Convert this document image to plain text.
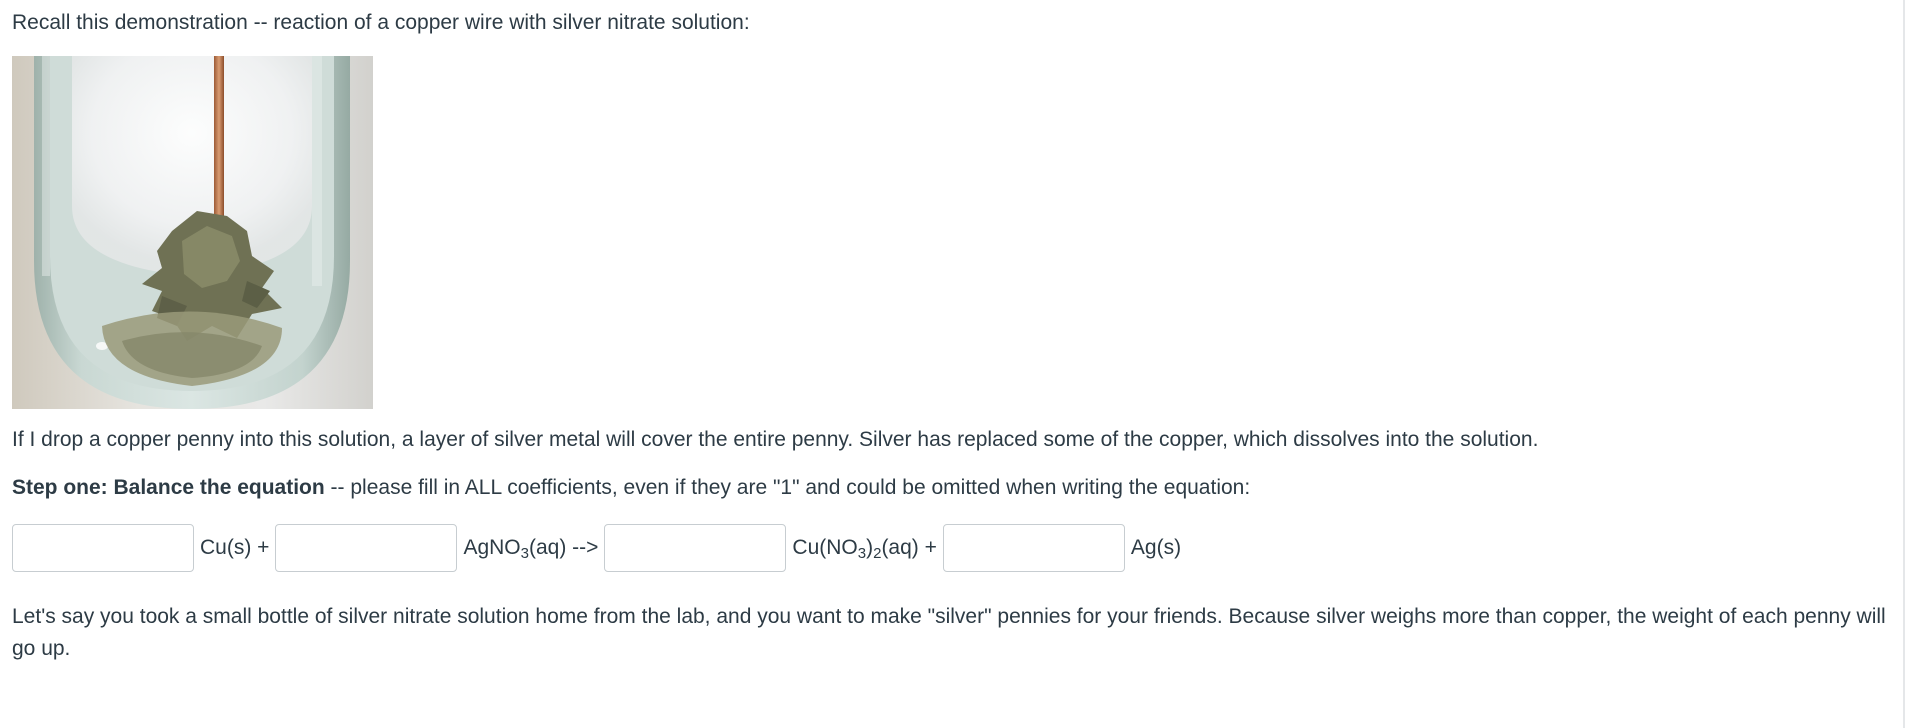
Recall this demonstration -- reaction of a copper wire with silver nitrate solution:

If I drop a copper penny into this solution, a layer of silver metal will cover the entire penny. Silver has replaced some of the copper, which dissolves into the solution.

Step one: Balance the equation -- please fill in ALL coefficients, even if they are "1" and could be omitted when writing the equation:

Cu(s) +	AgNO$_3$(aq) -->	$Cu(NO_3)_2(aq)$ +	Ag(s)

Let's say you took a small bottle of silver nitrate solution home from the lab, and you want to make "silver" pennies for your friends. Because silver weighs more than copper, the weight of each penny will go up.
